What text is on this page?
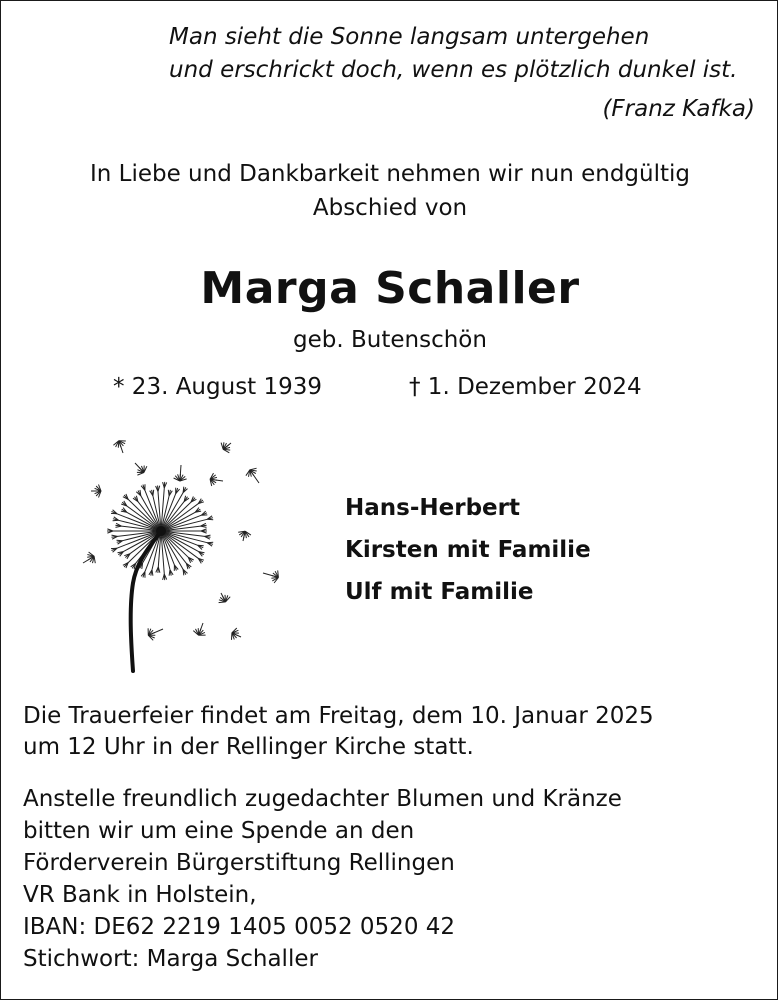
Man sieht die Sonne langsam untergehen
und erschrickt doch, wenn es plötzlich dunkel ist.
(Franz Kafka)
In Liebe und Dankbarkeit nehmen wir nun endgültig
Abschied von
Marga Schaller
geb. Butenschön
* 23. August 1939	† 1. Dezember 2024
Hans-Herbert
Kirsten mit Familie
Ulf mit Familie
Die Trauerfeier findet am Freitag, dem 10. Januar 2025
um 12 Uhr in der Rellinger Kirche statt.
Anstelle freundlich zugedachter Blumen und Kränze
bitten wir um eine Spende an den
Förderverein Bürgerstiftung Rellingen
VR Bank in Holstein,
IBAN: DE62 2219 1405 0052 0520 42
Stichwort: Marga Schaller
